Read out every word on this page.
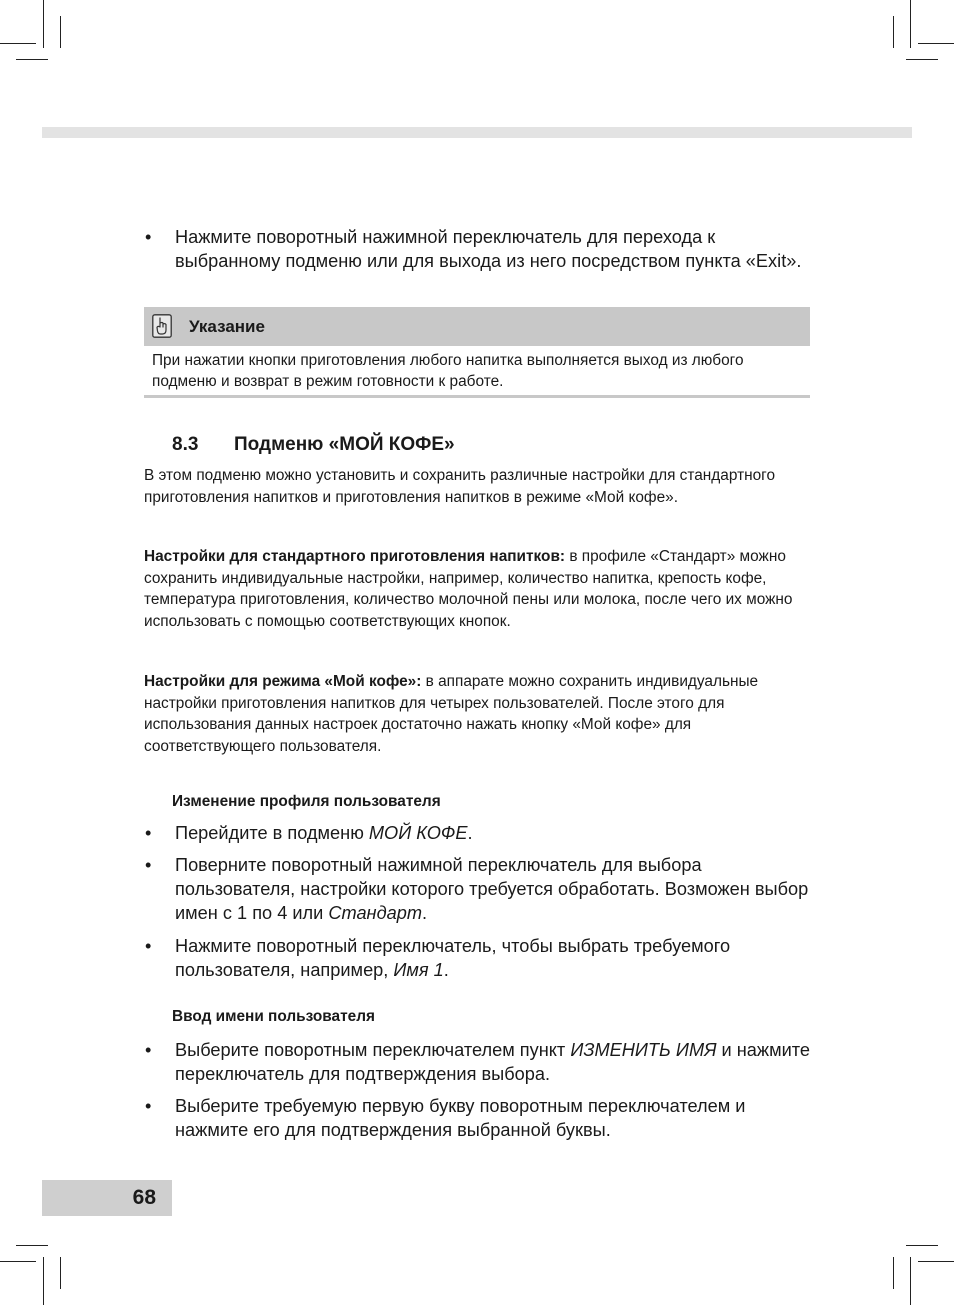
• Нажмите поворотный нажимной переключатель для перехода к выбранному подменю или для выхода из него посредством пункта «Exit».
Указание
При нажатии кнопки приготовления любого напитка выполняется выход из любого подменю и возврат в режим готовности к работе.
8.3 Подменю «МОЙ КОФЕ»
В этом подменю можно установить и сохранить различные настройки для стандартного приготовления напитков и приготовления напитков в режиме «Мой кофе».
Настройки для стандартного приготовления напитков: в профиле «Стандарт» можно сохранить индивидуальные настройки, например, количество напитка, крепость кофе, температура приготовления, количество молочной пены или молока, после чего их можно использовать с помощью соответствующих кнопок.
Настройки для режима «Мой кофе»: в аппарате можно сохранить индивидуальные настройки приготовления напитков для четырех пользователей. После этого для использования данных настроек достаточно нажать кнопку «Мой кофе» для соответствующего пользователя.
Изменение профиля пользователя
• Перейдите в подменю МОЙ КОФЕ.
• Поверните поворотный нажимной переключатель для выбора пользователя, настройки которого требуется обработать. Возможен выбор имен с 1 по 4 или Стандарт.
• Нажмите поворотный переключатель, чтобы выбрать требуемого пользователя, например, Имя 1.
Ввод имени пользователя
• Выберите поворотным переключателем пункт ИЗМЕНИТЬ ИМЯ и нажмите переключатель для подтверждения выбора.
• Выберите требуемую первую букву поворотным переключателем и нажмите его для подтверждения выбранной буквы.
68
